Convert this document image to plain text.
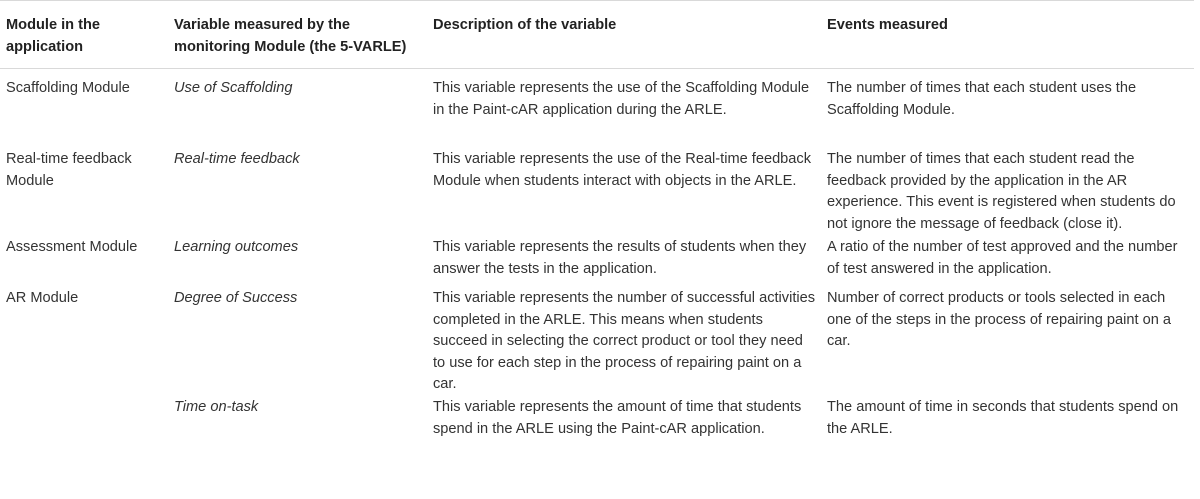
Module in the application	Variable measured by the monitoring Module (the 5-VARLE)	Description of the variable	Events measured
Scaffolding Module	Use of Scaffolding	This variable represents the use of the Scaffolding Module in the Paint-cAR application during the ARLE.	The number of times that each student uses the Scaffolding Module.
Real-time feedback Module	Real-time feedback	This variable represents the use of the Real-time feedback Module when students interact with objects in the ARLE.	The number of times that each student read the feedback provided by the application in the AR experience. This event is registered when students do not ignore the message of feedback (close it).
Assessment Module	Learning outcomes	This variable represents the results of students when they answer the tests in the application.	A ratio of the number of test approved and the number of test answered in the application.
AR Module	Degree of Success	This variable represents the number of successful activities completed in the ARLE. This means when students succeed in selecting the correct product or tool they need to use for each step in the process of repairing paint on a car.	Number of correct products or tools selected in each one of the steps in the process of repairing paint on a car.
	Time on-task	This variable represents the amount of time that students spend in the ARLE using the Paint-cAR application.	The amount of time in seconds that students spend on the ARLE.
